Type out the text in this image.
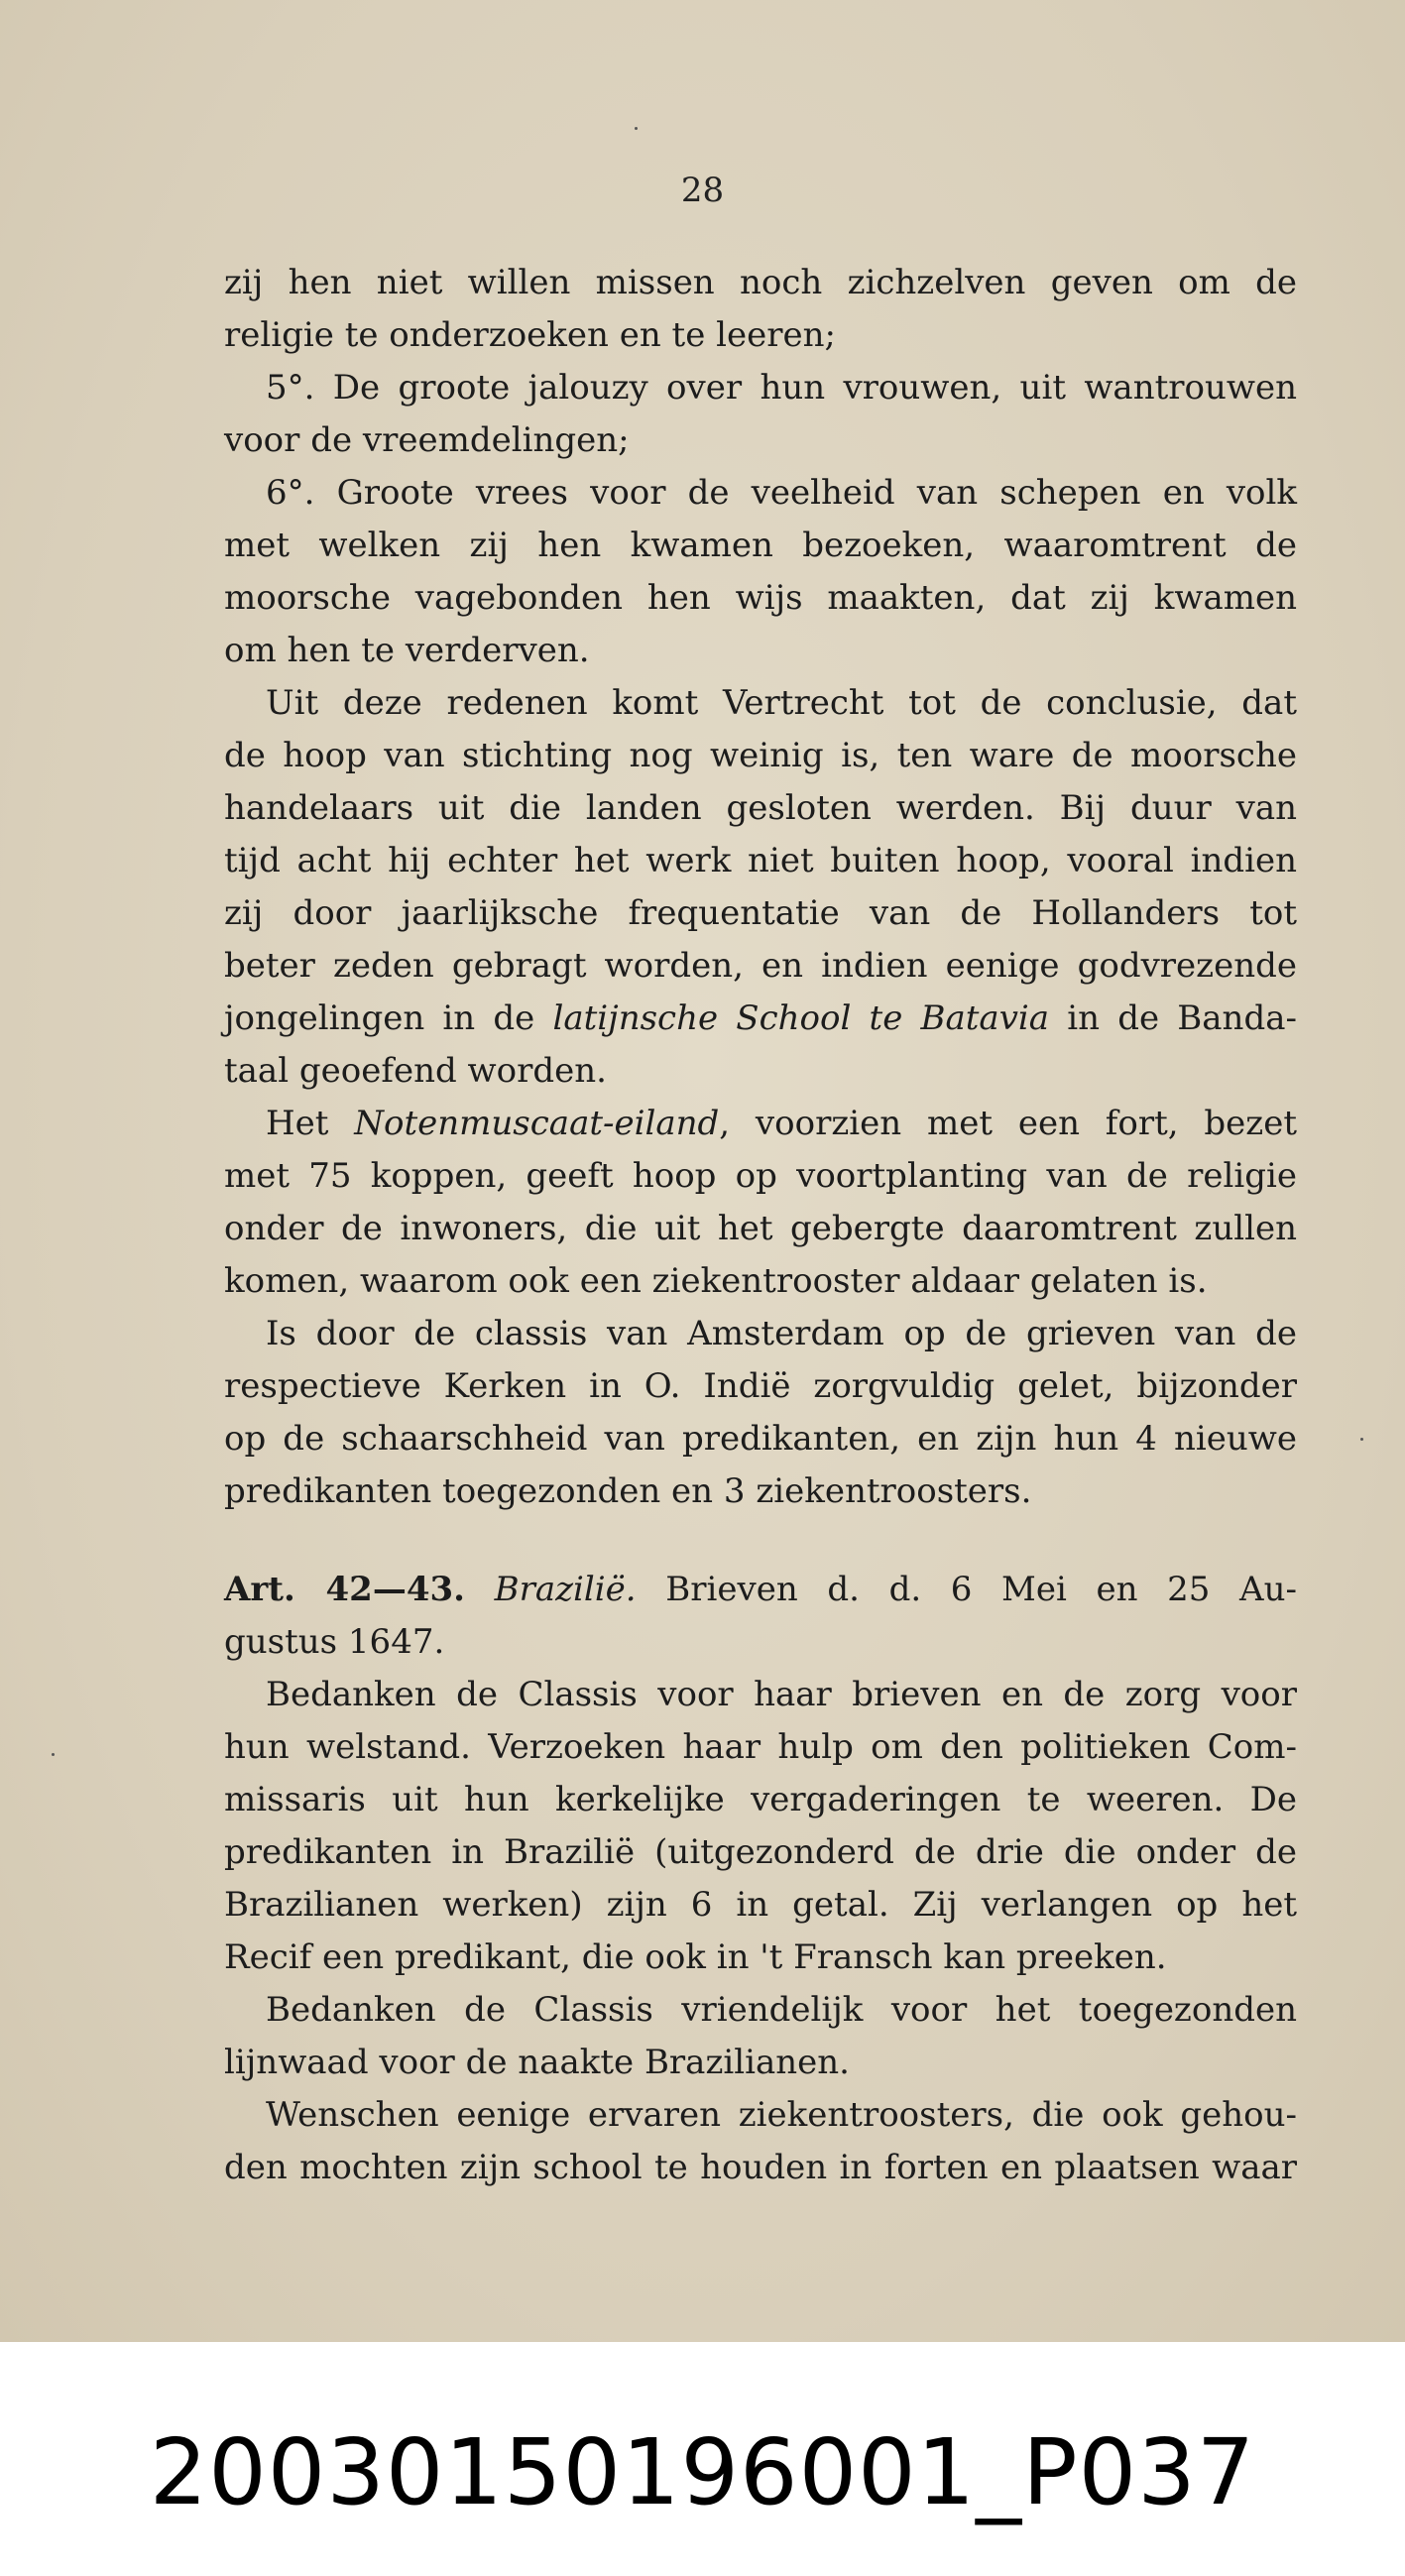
28
zij hen niet willen missen noch zichzelven geven om de
religie te onderzoeken en te leeren;
5°. De groote jalouzy over hun vrouwen, uit wantrouwen
voor de vreemdelingen;
6°. Groote vrees voor de veelheid van schepen en volk
met welken zij hen kwamen bezoeken, waaromtrent de
moorsche vagebonden hen wijs maakten, dat zij kwamen
om hen te verderven.
Uit deze redenen komt Vertrecht tot de conclusie, dat
de hoop van stichting nog weinig is, ten ware de moorsche
handelaars uit die landen gesloten werden. Bij duur van
tijd acht hij echter het werk niet buiten hoop, vooral indien
zij door jaarlijksche frequentatie van de Hollanders tot
beter zeden gebragt worden, en indien eenige godvrezende
jongelingen in de latijnsche School te Batavia in de Banda-
taal geoefend worden.
Het Notenmuscaat-eiland, voorzien met een fort, bezet
met 75 koppen, geeft hoop op voortplanting van de religie
onder de inwoners, die uit het gebergte daaromtrent zullen
komen, waarom ook een ziekentrooster aldaar gelaten is.
Is door de classis van Amsterdam op de grieven van de
respectieve Kerken in O. Indië zorgvuldig gelet, bijzonder
op de schaarschheid van predikanten, en zijn hun 4 nieuwe
predikanten toegezonden en 3 ziekentroosters.
Art. 42—43. Brazilië. Brieven d. d. 6 Mei en 25 Au-
gustus 1647.
Bedanken de Classis voor haar brieven en de zorg voor
hun welstand. Verzoeken haar hulp om den politieken Com-
missaris uit hun kerkelijke vergaderingen te weeren. De
predikanten in Brazilië (uitgezonderd de drie die onder de
Brazilianen werken) zijn 6 in getal. Zij verlangen op het
Recif een predikant, die ook in 't Fransch kan preeken.
Bedanken de Classis vriendelijk voor het toegezonden
lijnwaad voor de naakte Brazilianen.
Wenschen eenige ervaren ziekentroosters, die ook gehou-
den mochten zijn school te houden in forten en plaatsen waar
20030150196001_P037
